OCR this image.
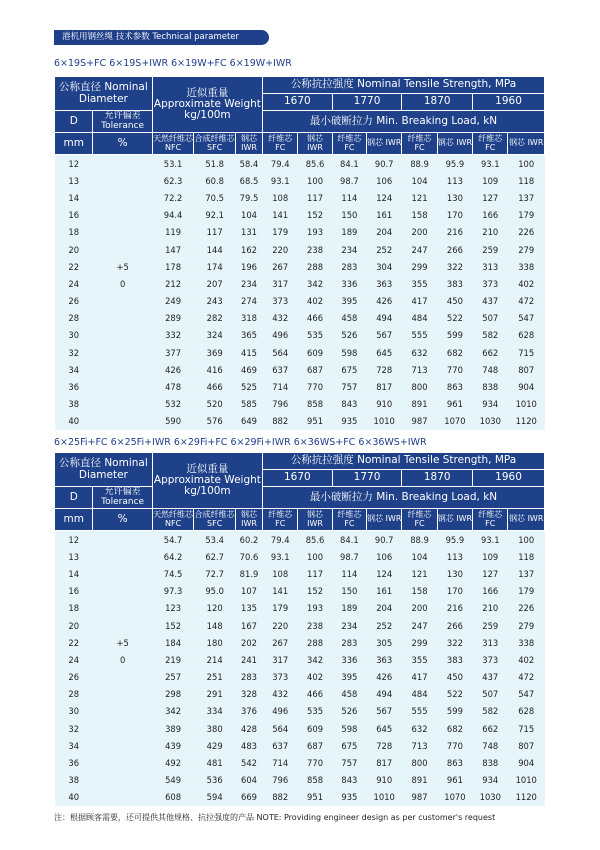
港机用钢丝绳 技术参数 Technical parameter
6×19S+FC 6×19S+IWR 6×19W+FC 6×19W+IWR
公称直径 Nominal Diameter		近似重量 Approximate Weight kg/100m			公称抗拉强度 Nominal Tensile Strength, MPa							
					1670		1770		1870		1960	
D	允许偏差 Tolerance				最小破断拉力 Min. Breaking Load, kN							
mm	%	天然纤维芯 NFC	合成纤维芯 SFC	钢芯 IWR	纤维芯 FC	钢芯 IWR	纤维芯 FC	钢芯 IWR	纤维芯 FC	钢芯 IWR	纤维芯 FC	钢芯 IWR
12		53.1	51.8	58.4	79.4	85.6	84.1	90.7	88.9	95.9	93.1	100
13		62.3	60.8	68.5	93.1	100	98.7	106	104	113	109	118
14		72.2	70.5	79.5	108	117	114	124	121	130	127	137
16		94.4	92.1	104	141	152	150	161	158	170	166	179
18		119	117	131	179	193	189	204	200	216	210	226
20		147	144	162	220	238	234	252	247	266	259	279
22	+5	178	174	196	267	288	283	304	299	322	313	338
24	0	212	207	234	317	342	336	363	355	383	373	402
26		249	243	274	373	402	395	426	417	450	437	472
28		289	282	318	432	466	458	494	484	522	507	547
30		332	324	365	496	535	526	567	555	599	582	628
32		377	369	415	564	609	598	645	632	682	662	715
34		426	416	469	637	687	675	728	713	770	748	807
36		478	466	525	714	770	757	817	800	863	838	904
38		532	520	585	796	858	843	910	891	961	934	1010
40		590	576	649	882	951	935	1010	987	1070	1030	1120
6×25Fi+FC 6×25Fi+IWR 6×29Fi+FC 6×29Fi+IWR 6×36WS+FC 6×36WS+IWR
公称直径 Nominal Diameter		近似重量 Approximate Weight kg/100m			公称抗拉强度 Nominal Tensile Strength, MPa							
					1670		1770		1870		1960	
D	允许偏差 Tolerance				最小破断拉力 Min. Breaking Load, kN							
mm	%	天然纤维芯 NFC	合成纤维芯 SFC	钢芯 IWR	纤维芯 FC	钢芯 IWR	纤维芯 FC	钢芯 IWR	纤维芯 FC	钢芯 IWR	纤维芯 FC	钢芯 IWR
12		54.7	53.4	60.2	79.4	85.6	84.1	90.7	88.9	95.9	93.1	100
13		64.2	62.7	70.6	93.1	100	98.7	106	104	113	109	118
14		74.5	72.7	81.9	108	117	114	124	121	130	127	137
16		97.3	95.0	107	141	152	150	161	158	170	166	179
18		123	120	135	179	193	189	204	200	216	210	226
20		152	148	167	220	238	234	252	247	266	259	279
22	+5	184	180	202	267	288	283	305	299	322	313	338
24	0	219	214	241	317	342	336	363	355	383	373	402
26		257	251	283	373	402	395	426	417	450	437	472
28		298	291	328	432	466	458	494	484	522	507	547
30		342	334	376	496	535	526	567	555	599	582	628
32		389	380	428	564	609	598	645	632	682	662	715
34		439	429	483	637	687	675	728	713	770	748	807
36		492	481	542	714	770	757	817	800	863	838	904
38		549	536	604	796	858	843	910	891	961	934	1010
40		608	594	669	882	951	935	1010	987	1070	1030	1120
注：根据顾客需要，还可提供其他规格、抗拉强度的产品 NOTE: Providing engineer design as per customer's request
